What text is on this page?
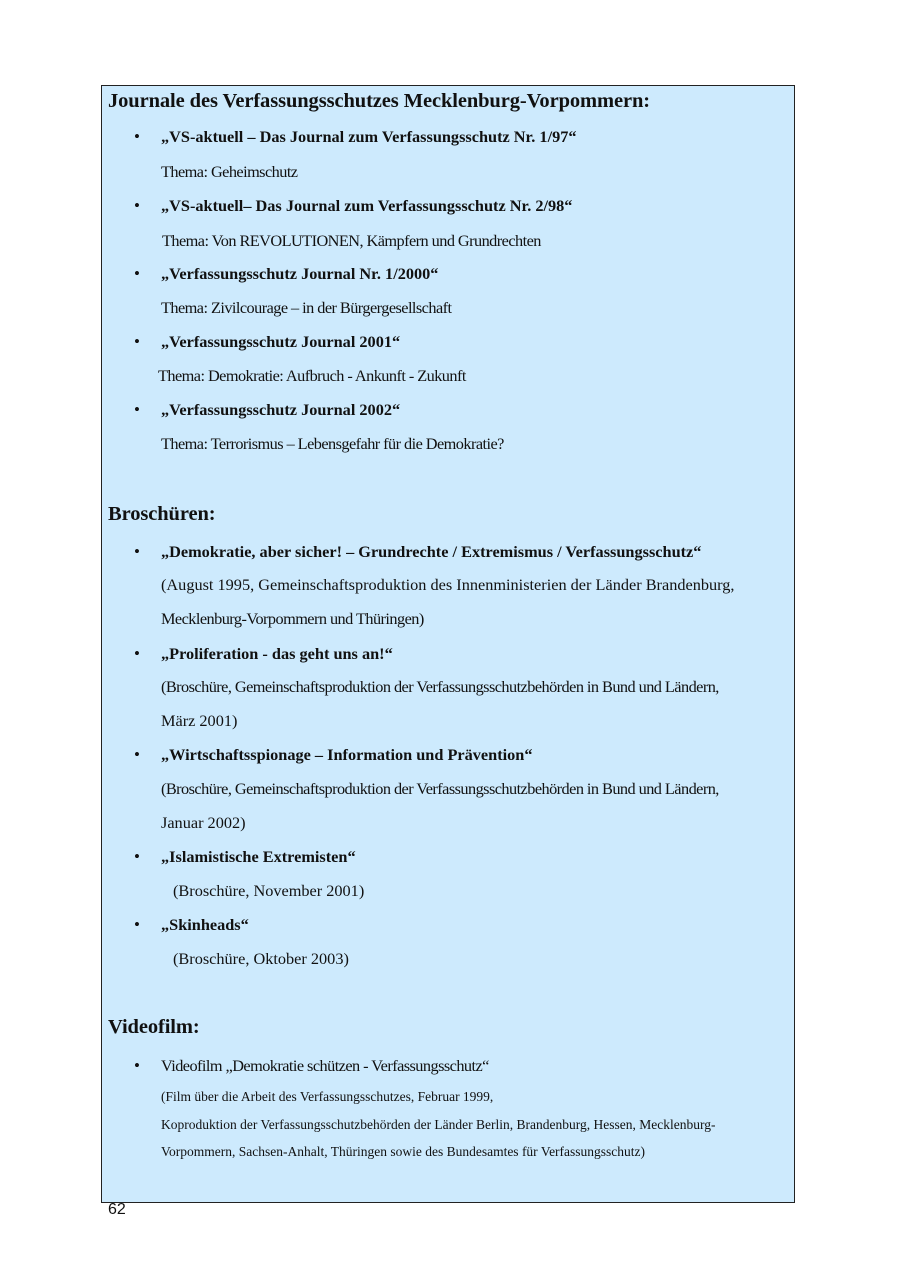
Journale des Verfassungsschutzes Mecklenburg-Vorpommern:
• „VS-aktuell – Das Journal zum Verfassungsschutz Nr. 1/97“
Thema: Geheimschutz
• „VS-aktuell– Das Journal zum Verfassungsschutz Nr. 2/98“
Thema: Von REVOLUTIONEN, Kämpfern und Grundrechten
• „Verfassungsschutz Journal Nr. 1/2000“
Thema: Zivilcourage – in der Bürgergesellschaft
• „Verfassungsschutz Journal 2001“
Thema: Demokratie: Aufbruch - Ankunft - Zukunft
• „Verfassungsschutz Journal 2002“
Thema: Terrorismus – Lebensgefahr für die Demokratie?
Broschüren:
• „Demokratie, aber sicher! – Grundrechte / Extremismus / Verfassungsschutz“
(August 1995, Gemeinschaftsproduktion des Innenministerien der Länder Brandenburg,
Mecklenburg-Vorpommern und Thüringen)
• „Proliferation - das geht uns an!“
(Broschüre, Gemeinschaftsproduktion der Verfassungsschutzbehörden in Bund und Ländern,
März 2001)
• „Wirtschaftsspionage – Information und Prävention“
(Broschüre, Gemeinschaftsproduktion der Verfassungsschutzbehörden in Bund und Ländern,
Januar 2002)
• „Islamistische Extremisten“
(Broschüre, November 2001)
• „Skinheads“
(Broschüre, Oktober 2003)
Videofilm:
• Videofilm „Demokratie schützen - Verfassungsschutz“
(Film über die Arbeit des Verfassungsschutzes, Februar 1999,
Koproduktion der Verfassungsschutzbehörden der Länder Berlin, Brandenburg, Hessen, Mecklenburg-
Vorpommern, Sachsen-Anhalt, Thüringen sowie des Bundesamtes für Verfassungsschutz)
62
